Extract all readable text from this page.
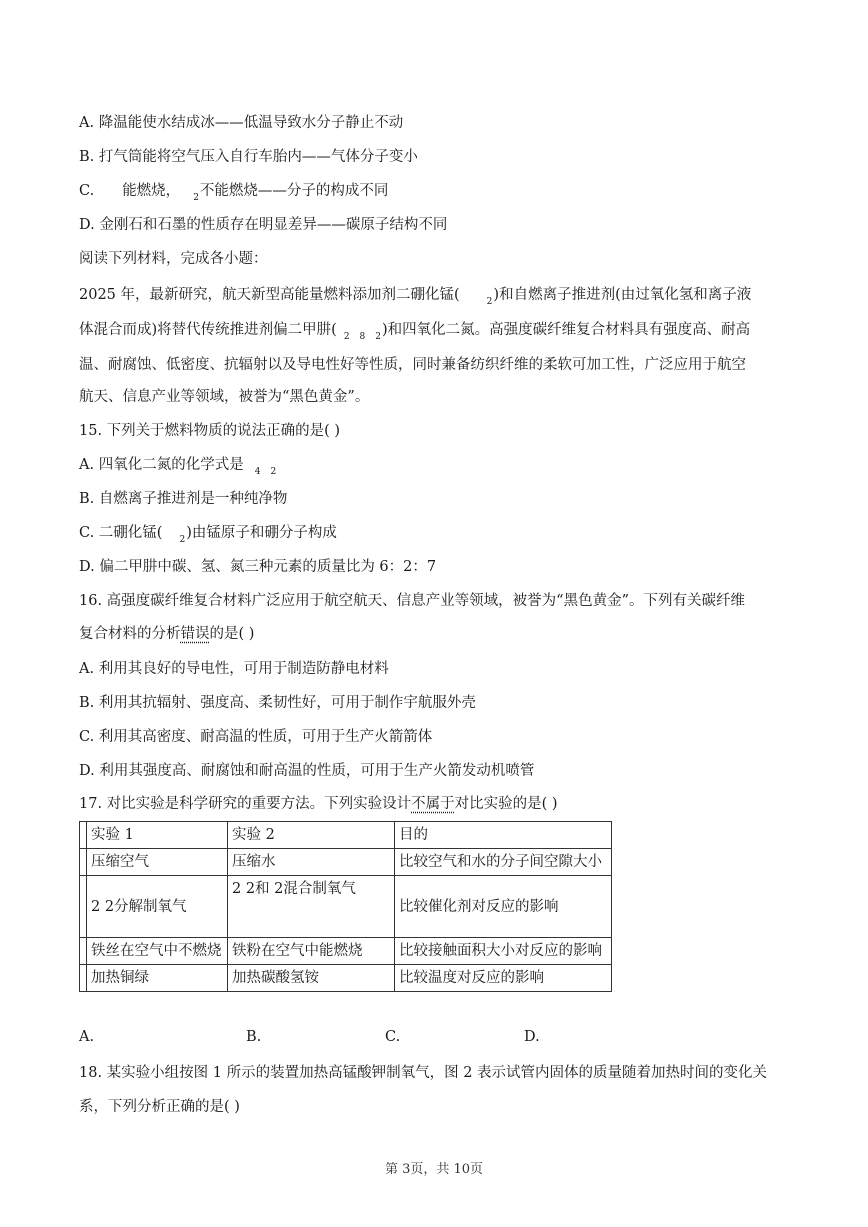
A. 降温能使水结成冰——低温导致水分子静止不动
B. 打气筒能将空气压入自行车胎内——气体分子变小
C. 能燃烧， $_2$不能燃烧——分子的构成不同
D. 金刚石和石墨的性质存在明显差异——碳原子结构不同
阅读下列材料，完成各小题：
2025 年，最新研究，航天新型高能量燃料添加剂二硼化锰(	$_2$)和自燃离子推进剂(由过氧化氢和离子液
体混合而成)将替代传统推进剂偏二甲肼( $_2$ $_8$ $_2$)和四氧化二氮。高强度碳纤维复合材料具有强度高、耐高
温、耐腐蚀、低密度、抗辐射以及导电性好等性质，同时兼备纺织纤维的柔软可加工性，广泛应用于航空
航天、信息产业等领域，被誉为“黑色黄金”。
15. 下列关于燃料物质的说法正确的是( )
A. 四氧化二氮的化学式是 $_4$ $_2$
B. 自燃离子推进剂是一种纯净物
C. 二硼化锰( $_2$)由锰原子和硼分子构成
D. 偏二甲肼中碳、氢、氮三种元素的质量比为 6：2：7
16. 高强度碳纤维复合材料广泛应用于航空航天、信息产业等领域，被誉为“黑色黄金”。下列有关碳纤维
复合材料的分析错误的是( )
A. 利用其良好的导电性，可用于制造防静电材料
B. 利用其抗辐射、强度高、柔韧性好，可用于制作宇航服外壳
C. 利用其高密度、耐高温的性质，可用于生产火箭箭体
D. 利用其强度高、耐腐蚀和耐高温的性质，可用于生产火箭发动机喷管
17. 对比实验是科学研究的重要方法。下列实验设计不属于对比实验的是( )
	实验 1	实验 2	目的
	压缩空气	压缩水	比较空气和水的分子间空隙大小
	2 2分解制氧气	2 2和 2混合制氧气	比较催化剂对反应的影响
	铁丝在空气中不燃烧	铁粉在空气中能燃烧	比较接触面积大小对反应的影响
	加热铜绿	加热碳酸氢铵	比较温度对反应的影响
A.	B.	C.	D.
18. 某实验小组按图 1 所示的装置加热高锰酸钾制氧气，图 2 表示试管内固体的质量随着加热时间的变化关
系，下列分析正确的是( )
第 3页，共 10页
